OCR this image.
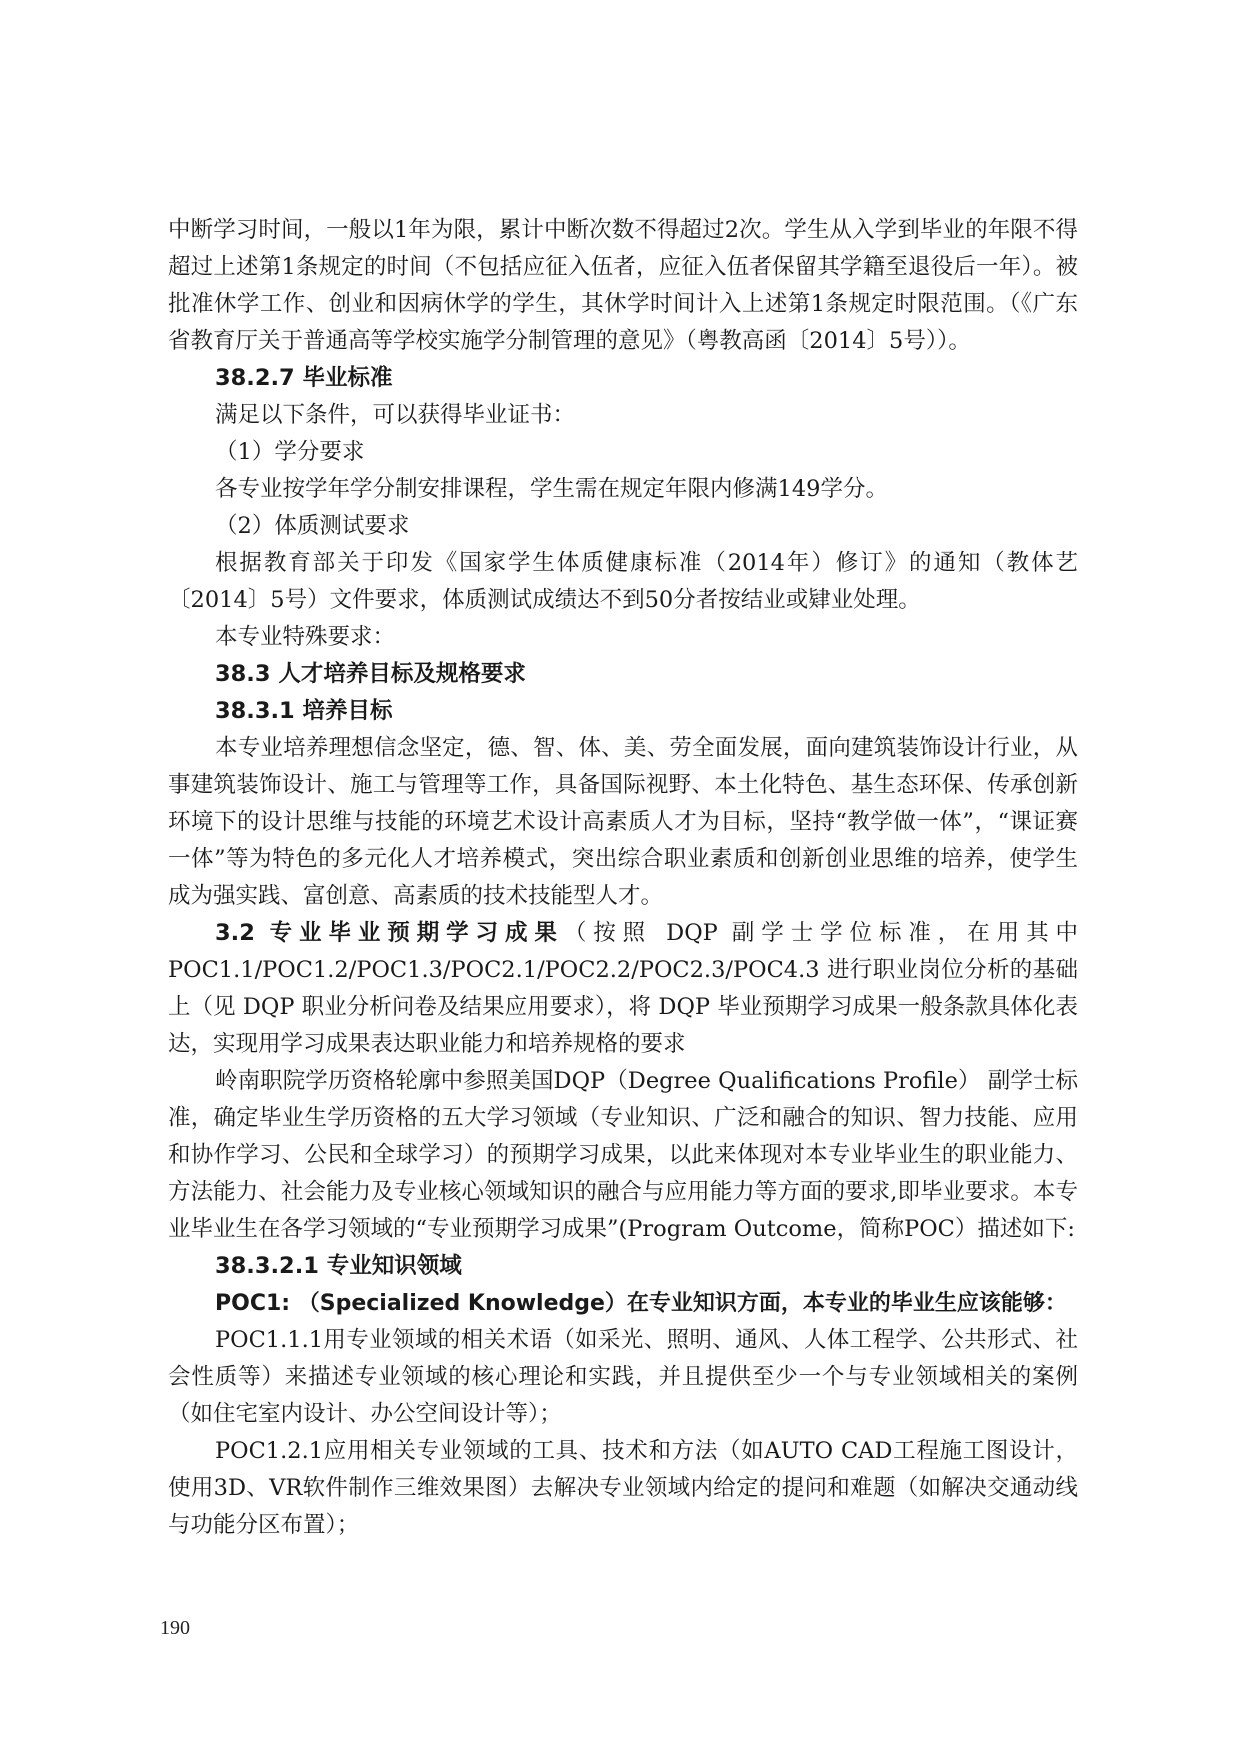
中断学习时间，一般以1年为限，累计中断次数不得超过2次。学生从入学到毕业的年限不得超过上述第1条规定的时间（不包括应征入伍者，应征入伍者保留其学籍至退役后一年）。被批准休学工作、创业和因病休学的学生，其休学时间计入上述第1条规定时限范围。（《广东省教育厅关于普通高等学校实施学分制管理的意见》（粤教高函〔2014〕5号））。

38.2.7 毕业标准

满足以下条件，可以获得毕业证书：

（1）学分要求

各专业按学年学分制安排课程，学生需在规定年限内修满149学分。

（2）体质测试要求

根据教育部关于印发《国家学生体质健康标准（2014年）修订》的通知（教体艺〔2014〕5号）文件要求，体质测试成绩达不到50分者按结业或肄业处理。

本专业特殊要求：

38.3 人才培养目标及规格要求

38.3.1 培养目标

本专业培养理想信念坚定，德、智、体、美、劳全面发展，面向建筑装饰设计行业，从事建筑装饰设计、施工与管理等工作，具备国际视野、本土化特色、基生态环保、传承创新环境下的设计思维与技能的环境艺术设计高素质人才为目标，坚持“教学做一体”，“课证赛一体”等为特色的多元化人才培养模式，突出综合职业素质和创新创业思维的培养，使学生成为强实践、富创意、高素质的技术技能型人才。

3.2 专业毕业预期学习成果（按照 DQP 副学士学位标准，在用其中POC1.1/POC1.2/POC1.3/POC2.1/POC2.2/POC2.3/POC4.3 进行职业岗位分析的基础上（见 DQP 职业分析问卷及结果应用要求），将 DQP 毕业预期学习成果一般条款具体化表达，实现用学习成果表达职业能力和培养规格的要求

岭南职院学历资格轮廓中参照美国DQP（Degree Qualifications Profile） 副学士标准，确定毕业生学历资格的五大学习领域（专业知识、广泛和融合的知识、智力技能、应用和协作学习、公民和全球学习）的预期学习成果，以此来体现对本专业毕业生的职业能力、方法能力、社会能力及专业核心领域知识的融合与应用能力等方面的要求,即毕业要求。本专业毕业生在各学习领域的“专业预期学习成果”(Program Outcome，简称POC）描述如下:

38.3.2.1 专业知识领域

POC1: （Specialized Knowledge）在专业知识方面，本专业的毕业生应该能够：

POC1.1.1用专业领域的相关术语（如采光、照明、通风、人体工程学、公共形式、社会性质等）来描述专业领域的核心理论和实践，并且提供至少一个与专业领域相关的案例（如住宅室内设计、办公空间设计等）；

POC1.2.1应用相关专业领域的工具、技术和方法（如AUTO CAD工程施工图设计，使用3D、VR软件制作三维效果图）去解决专业领域内给定的提问和难题（如解决交通动线与功能分区布置）；

190
